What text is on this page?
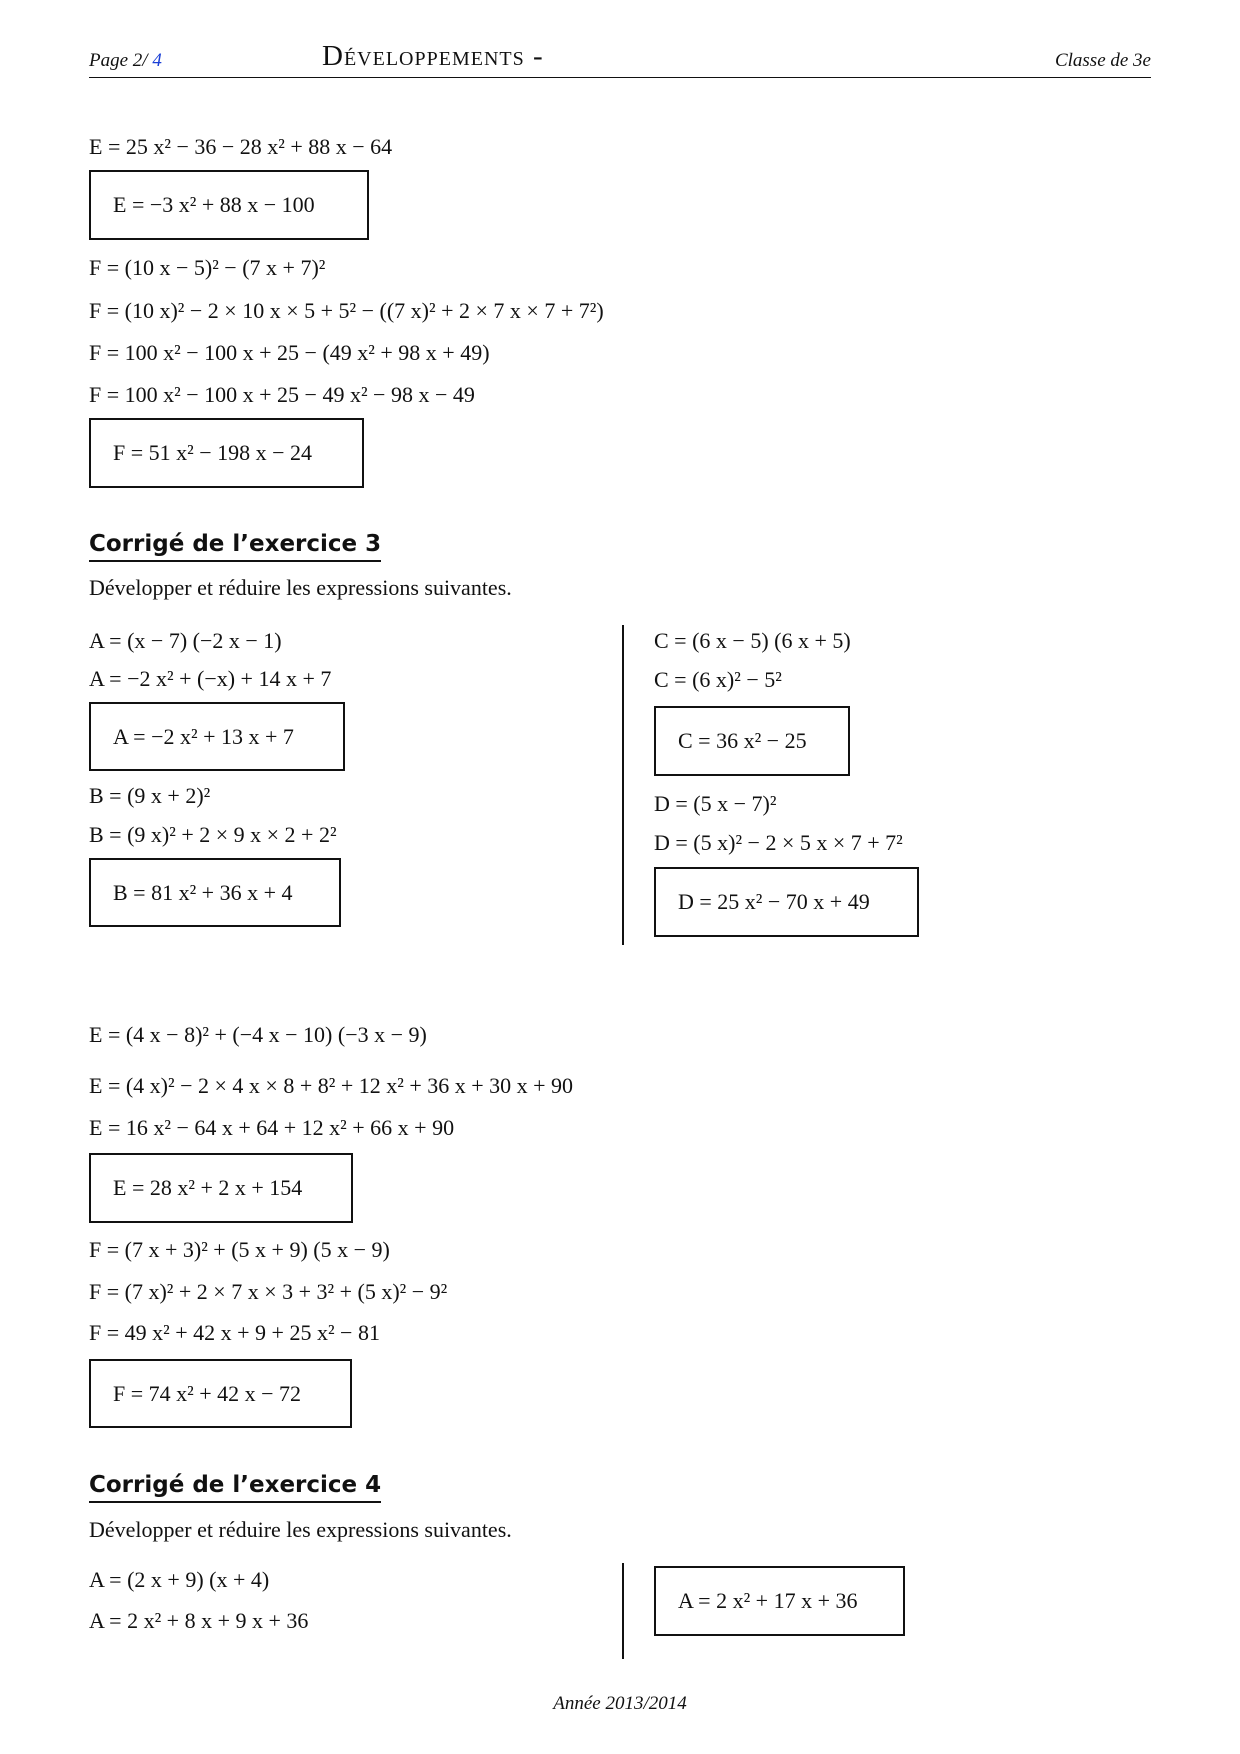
Page 2/ 4	Développements -	Classe de 3e
E = 25 x² − 36 − 28 x² + 88 x − 64
E = −3 x² + 88 x − 100
F = (10 x − 5)² − (7 x + 7)²
F = (10 x)² − 2 × 10 x × 5 + 5² − ((7 x)² + 2 × 7 x × 7 + 7²)
F = 100 x² − 100 x + 25 − (49 x² + 98 x + 49)
F = 100 x² − 100 x + 25 − 49 x² − 98 x − 49
F = 51 x² − 198 x − 24
Corrigé de l’exercice 3
Développer et réduire les expressions suivantes.
A = (x − 7) (−2 x − 1)
A = −2 x² + (−x) + 14 x + 7
A = −2 x² + 13 x + 7
B = (9 x + 2)²
B = (9 x)² + 2 × 9 x × 2 + 2²
B = 81 x² + 36 x + 4
C = (6 x − 5) (6 x + 5)
C = (6 x)² − 5²
C = 36 x² − 25
D = (5 x − 7)²
D = (5 x)² − 2 × 5 x × 7 + 7²
D = 25 x² − 70 x + 49
E = (4 x − 8)² + (−4 x − 10) (−3 x − 9)
E = (4 x)² − 2 × 4 x × 8 + 8² + 12 x² + 36 x + 30 x + 90
E = 16 x² − 64 x + 64 + 12 x² + 66 x + 90
E = 28 x² + 2 x + 154
F = (7 x + 3)² + (5 x + 9) (5 x − 9)
F = (7 x)² + 2 × 7 x × 3 + 3² + (5 x)² − 9²
F = 49 x² + 42 x + 9 + 25 x² − 81
F = 74 x² + 42 x − 72
Corrigé de l’exercice 4
Développer et réduire les expressions suivantes.
A = (2 x + 9) (x + 4)
A = 2 x² + 8 x + 9 x + 36
A = 2 x² + 17 x + 36
Année 2013/2014
